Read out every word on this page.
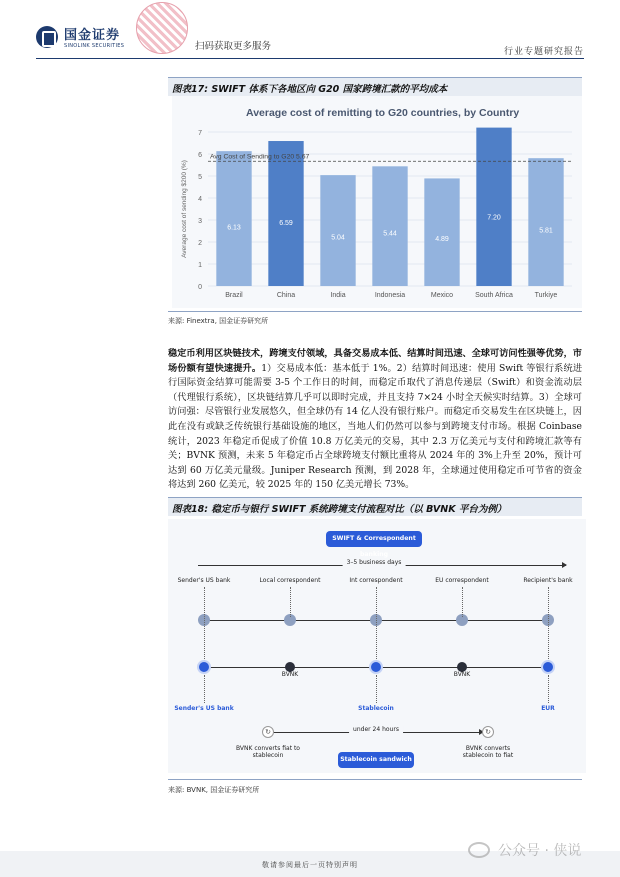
国金证券
SINOLINK SECURITIES	扫码获取更多服务	行业专题研究报告
图表17: SWIFT 体系下各地区向 G20 国家跨境汇款的平均成本
Average cost of remitting to G20 countries, by Country
0
1
2
3
4
5
6
7
Average cost of sending $200 (%)	6.13
Brazil
6.59
China
5.04
India
5.44
Indonesia
4.89
Mexico
7.20
South Africa
5.81
Turkiye
Avg Cost of Sending to G20 5.67
来源: Finextra, 国金证券研究所
稳定币利用区块链技术，跨境支付领域，具备交易成本低、结算时间迅速、全球可访问性强等优势，市场份额有望快速提升。1）交易成本低：基本低于 1%。2）结算时间迅速：使用 Swift 等银行系统进行国际资金结算可能需要 3-5 个工作日的时间，而稳定币取代了消息传递层（Swift）和资金流动层（代理银行系统），区块链结算几乎可以即时完成，并且支持 7×24 小时全天候实时结算。3）全球可访问强：尽管银行业发展悠久，但全球仍有 14 亿人没有银行账户。而稳定币交易发生在区块链上，因此在没有或缺乏传统银行基础设施的地区，当地人们仍然可以参与到跨境支付市场。根据 Coinbase 统计，2023 年稳定币促成了价值 10.8 万亿美元的交易，其中 2.3 万亿美元与支付和跨境汇款等有关；BVNK 预测，未来 5 年稳定币占全球跨境支付额比重将从 2024 年的 3%上升至 20%，预计可达到 60 万亿美元量级。Juniper Research 预测，到 2028 年，全球通过使用稳定币可节省的资金将达到 260 亿美元，较 2025 年的 150 亿美元增长 73%。
图表18: 稳定币与银行 SWIFT 系统跨境支付流程对比（以 BVNK 平台为例）
SWIFT & Correspondent banking
3–5 business days
Sender's US bank	Local correspondent	Int correspondent	EU correspondent	Recipient's bank
BVNK	BVNK
Sender's US bank	Stablecoin	EUR
under 24 hours
↻	↻
BVNK converts fiat to stablecoin
BVNK converts stablecoin to fiat
Stablecoin sandwich
来源: BVNK, 国金证券研究所
敬请参阅最后一页特别声明
公众号 · 侠说
